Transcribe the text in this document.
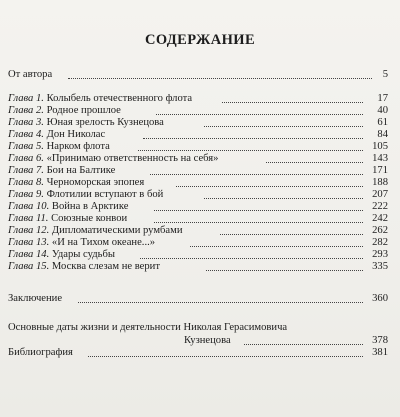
СОДЕРЖАНИЕ
От автора	5
Глава 1. Колыбель отечественного флота	17
Глава 2. Родное прошлое	40
Глава 3. Юная зрелость Кузнецова	61
Глава 4. Дон Николас	84
Глава 5. Нарком флота	105
Глава 6. «Принимаю ответственность на себя»	143
Глава 7. Бои на Балтике	171
Глава 8. Черноморская эпопея	188
Глава 9. Флотилии вступают в бой	207
Глава 10. Война в Арктике	222
Глава 11. Союзные конвои	242
Глава 12. Дипломатическими румбами	262
Глава 13. «И на Тихом океане...»	282
Глава 14. Удары судьбы	293
Глава 15. Москва слезам не верит	335
Заключение	360
Основные даты жизни и деятельности Николая Герасимовича
Кузнецова	378
Библиография	381
